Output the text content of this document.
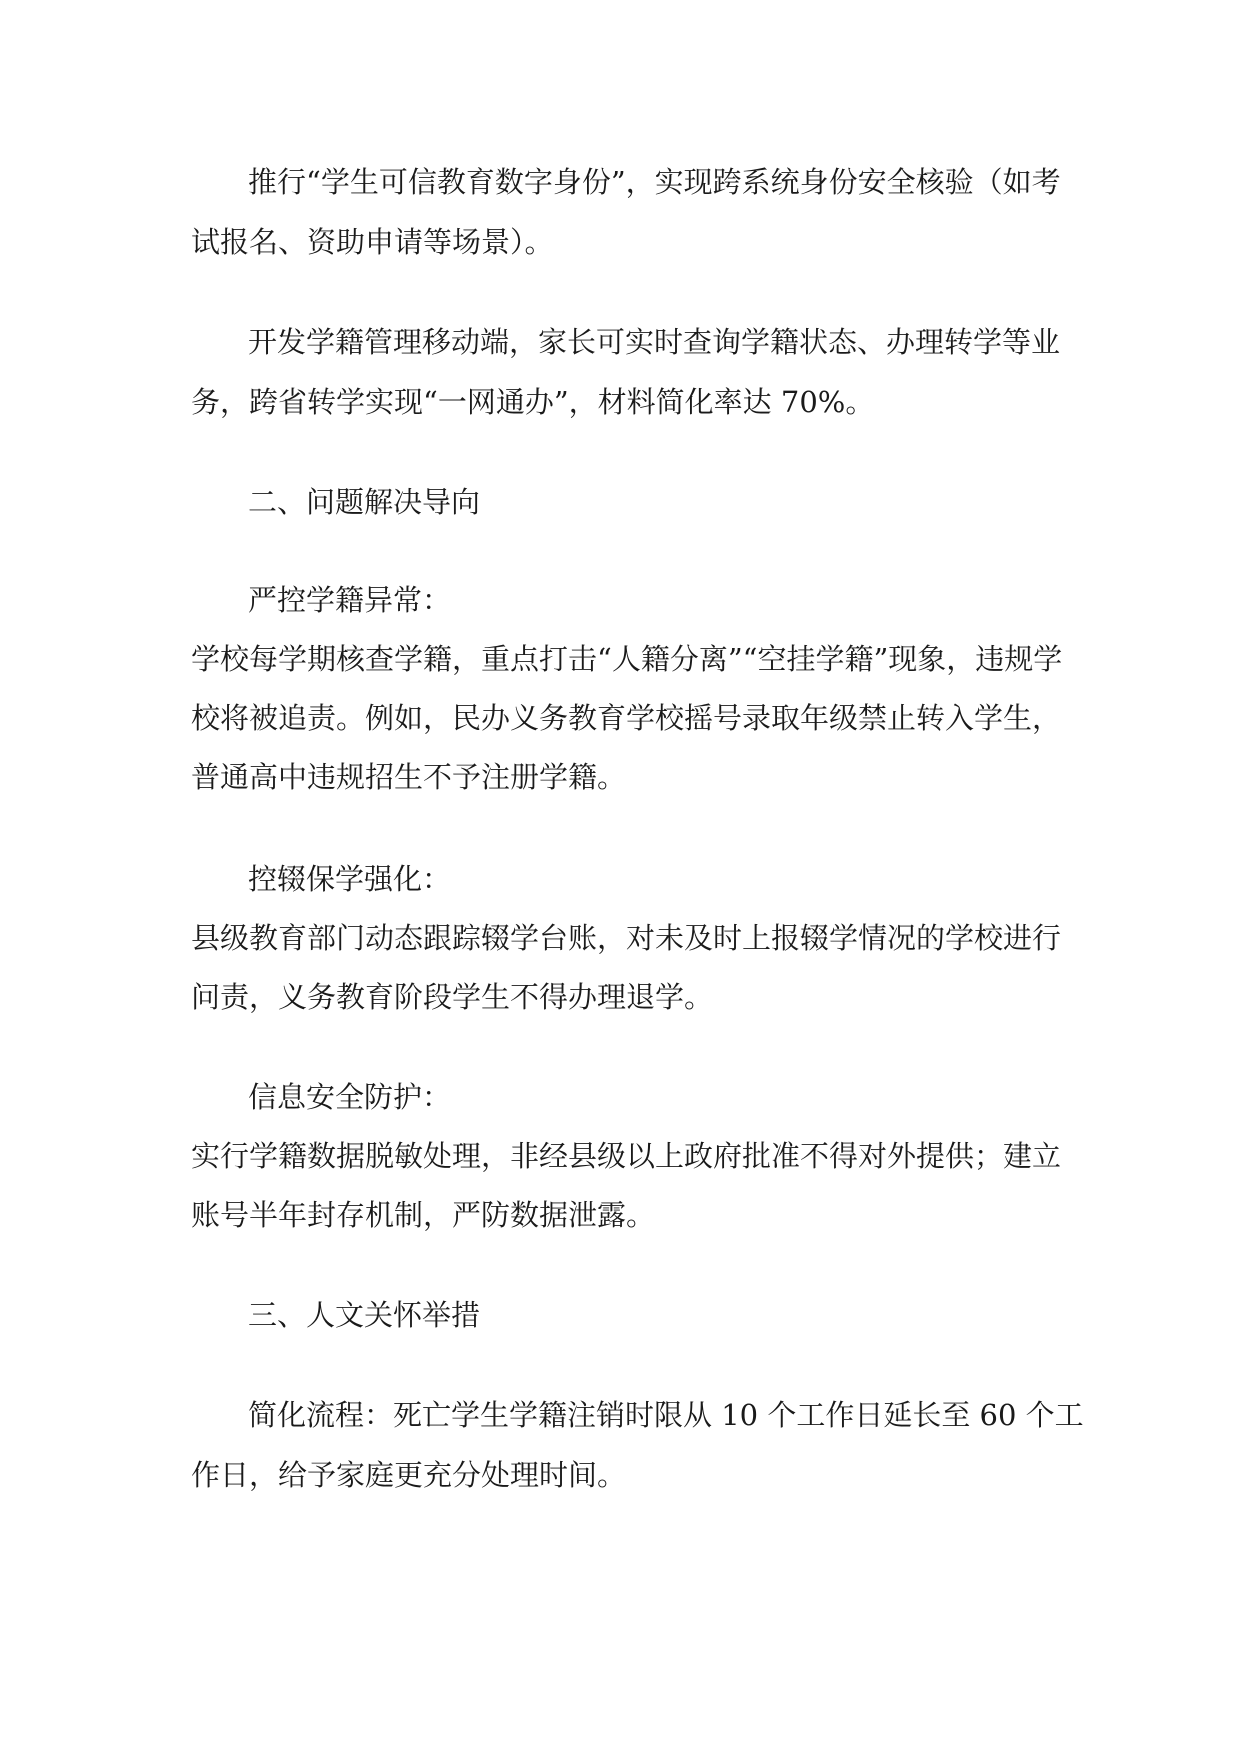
推行“学生可信教育数字身份”，实现跨系统身份安全核验（如考
试报名、资助申请等场景）。
开发学籍管理移动端，家长可实时查询学籍状态、办理转学等业
务，跨省转学实现“一网通办”，材料简化率达 70%。
二、问题解决导向
严控学籍异常：
学校每学期核查学籍，重点打击“人籍分离”“空挂学籍”现象，违规学
校将被追责。例如，民办义务教育学校摇号录取年级禁止转入学生，
普通高中违规招生不予注册学籍。
控辍保学强化：
县级教育部门动态跟踪辍学台账，对未及时上报辍学情况的学校进行
问责，义务教育阶段学生不得办理退学。
信息安全防护：
实行学籍数据脱敏处理，非经县级以上政府批准不得对外提供；建立
账号半年封存机制，严防数据泄露。
三、人文关怀举措
简化流程：死亡学生学籍注销时限从 10 个工作日延长至 60 个工
作日，给予家庭更充分处理时间。
